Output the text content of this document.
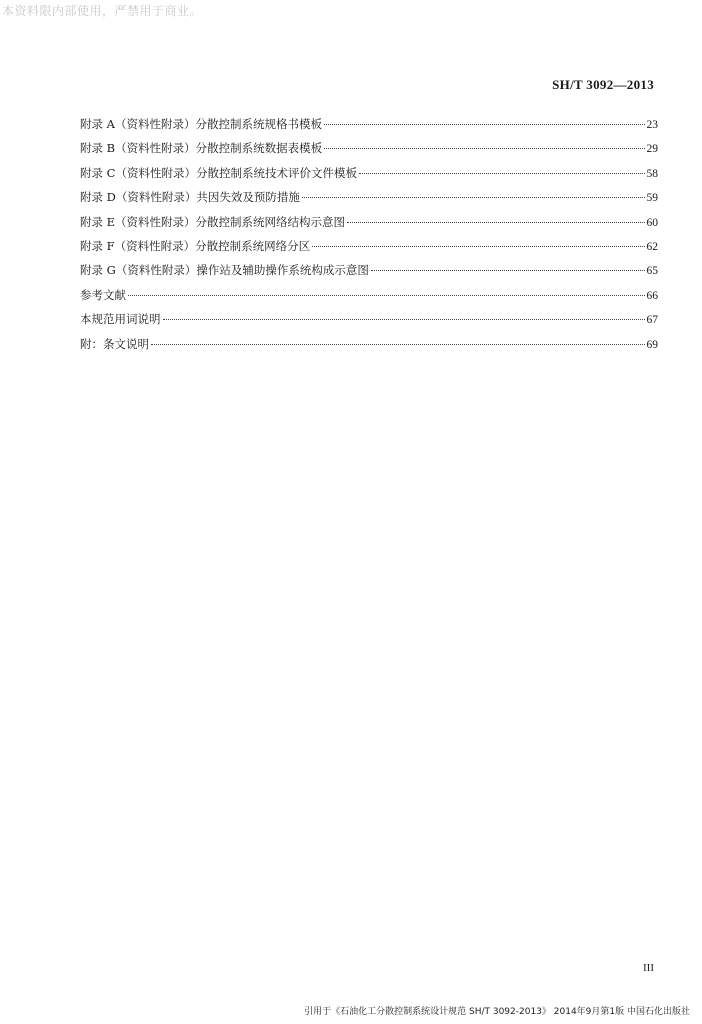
本资料限内部使用，严禁用于商业。
SH/T 3092—2013
附录 A（资料性附录）分散控制系统规格书模板	23
附录 B（资料性附录）分散控制系统数据表模板	29
附录 C（资料性附录）分散控制系统技术评价文件模板	58
附录 D（资料性附录）共因失效及预防措施	59
附录 E（资料性附录）分散控制系统网络结构示意图	60
附录 F（资料性附录）分散控制系统网络分区	62
附录 G（资料性附录）操作站及辅助操作系统构成示意图	65
参考文献	66
本规范用词说明	67
附：条文说明	69
III
引用于《石油化工分散控制系统设计规范 SH/T 3092-2013》 2014年9月第1版 中国石化出版社
